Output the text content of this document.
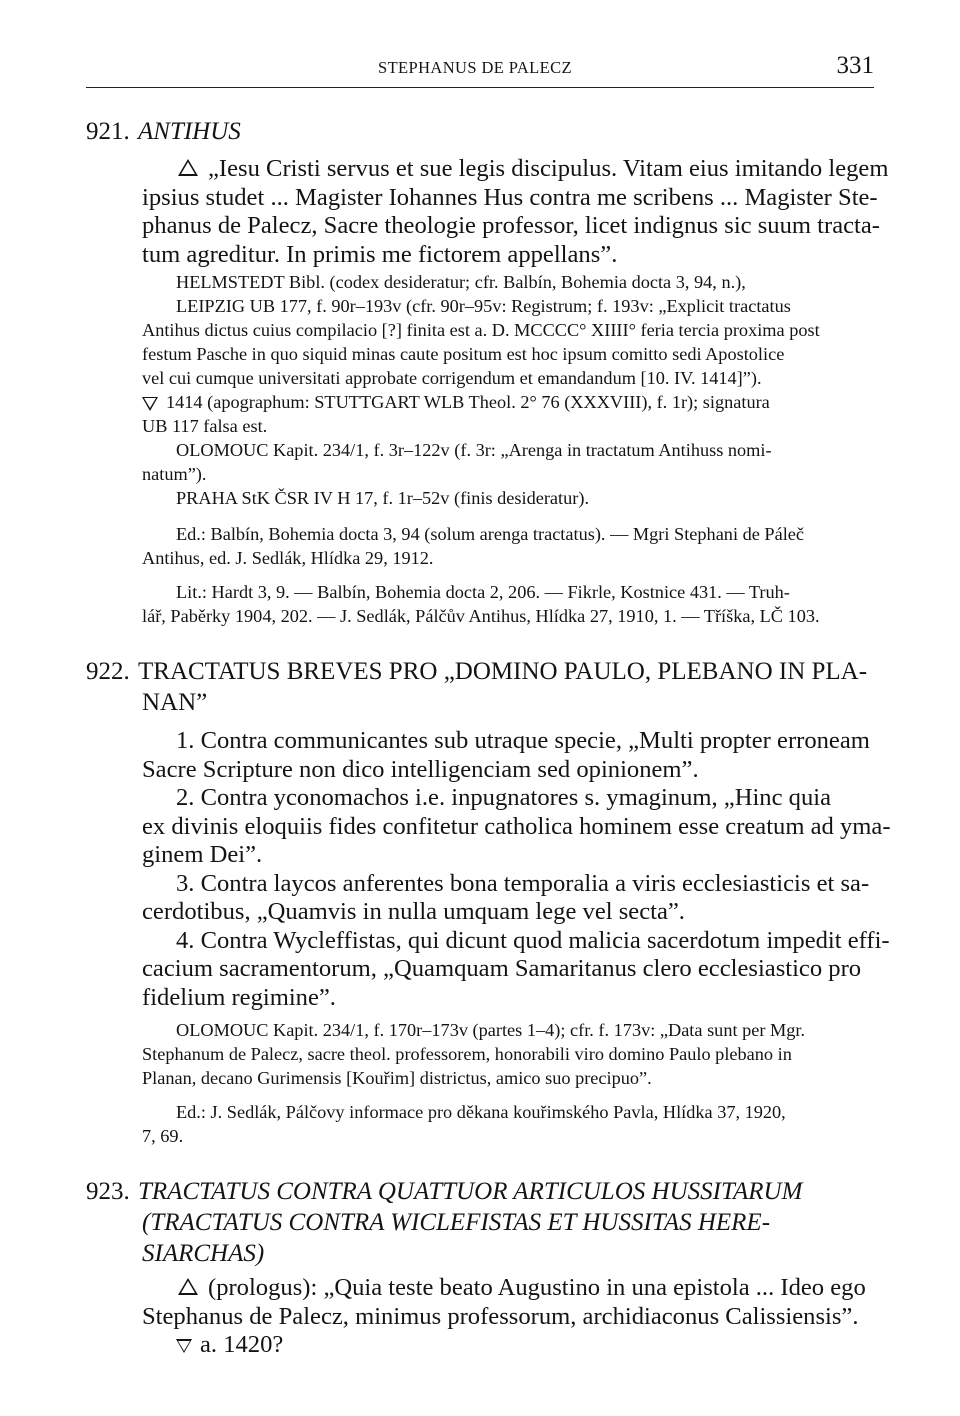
STEPHANUS DE PALECZ	331
921. ANTIHUS
„Iesu Cristi servus et sue legis discipulus. Vitam eius imitando legem
ipsius studet ... Magister Iohannes Hus contra me scribens ... Magister Ste-
phanus de Palecz, Sacre theologie professor, licet indignus sic suum tracta-
tum agreditur. In primis me fictorem appellans”.
HELMSTEDT Bibl. (codex desideratur; cfr. Balbín, Bohemia docta 3, 94, n.),
LEIPZIG UB 177, f. 90r–193v (cfr. 90r–95v: Registrum; f. 193v: „Explicit tractatus
Antihus dictus cuius compilacio [?] finita est a. D. MCCCC° XIIII° feria tercia proxima post
festum Pasche in quo siquid minas caute positum est hoc ipsum comitto sedi Apostolice
vel cui cumque universitati approbate corrigendum et emandandum [10. IV. 1414]”).
1414 (apographum: STUTTGART WLB Theol. 2° 76 (XXXVIII), f. 1r); signatura
UB 117 falsa est.
OLOMOUC Kapit. 234/1, f. 3r–122v (f. 3r: „Arenga in tractatum Antihuss nomi-
natum”).
PRAHA StK ČSR IV H 17, f. 1r–52v (finis desideratur).
Ed.: Balbín, Bohemia docta 3, 94 (solum arenga tractatus). — Mgri Stephani de Páleč
Antihus, ed. J. Sedlák, Hlídka 29, 1912.
Lit.: Hardt 3, 9. — Balbín, Bohemia docta 2, 206. — Fikrle, Kostnice 431. — Truh-
lář, Paběrky 1904, 202. — J. Sedlák, Pálčův Antihus, Hlídka 27, 1910, 1. — Tříška, LČ 103.
922. TRACTATUS BREVES PRO „DOMINO PAULO, PLEBANO IN PLA-
NAN”
1. Contra communicantes sub utraque specie, „Multi propter erroneam
Sacre Scripture non dico intelligenciam sed opinionem”.
2. Contra yconomachos i.e. inpugnatores s. ymaginum, „Hinc quia
ex divinis eloquiis fides confitetur catholica hominem esse creatum ad yma-
ginem Dei”.
3. Contra laycos anferentes bona temporalia a viris ecclesiasticis et sa-
cerdotibus, „Quamvis in nulla umquam lege vel secta”.
4. Contra Wycleffistas, qui dicunt quod malicia sacerdotum impedit effi-
cacium sacramentorum, „Quamquam Samaritanus clero ecclesiastico pro
fidelium regimine”.
OLOMOUC Kapit. 234/1, f. 170r–173v (partes 1–4); cfr. f. 173v: „Data sunt per Mgr.
Stephanum de Palecz, sacre theol. professorem, honorabili viro domino Paulo plebano in
Planan, decano Gurimensis [Kouřim] districtus, amico suo precipuo”.
Ed.: J. Sedlák, Pálčovy informace pro děkana kouřimského Pavla, Hlídka 37, 1920,
7, 69.
923. TRACTATUS CONTRA QUATTUOR ARTICULOS HUSSITARUM
(TRACTATUS CONTRA WICLEFISTAS ET HUSSITAS HERE-
SIARCHAS)
(prologus): „Quia teste beato Augustino in una epistola ... Ideo ego
Stephanus de Palecz, minimus professorum, archidiaconus Calissiensis”.
a. 1420?
